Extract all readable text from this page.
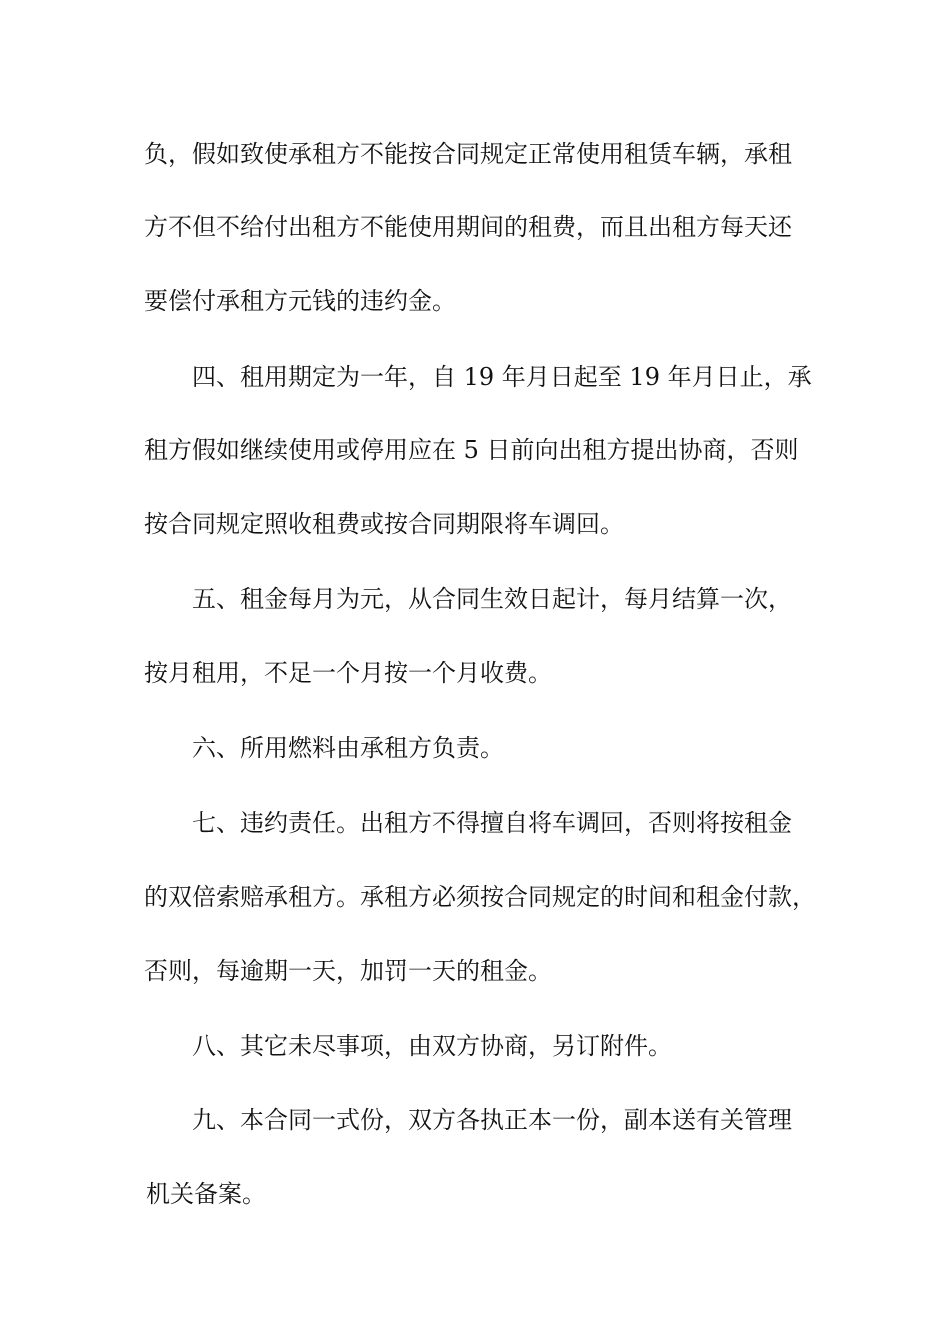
负，假如致使承租方不能按合同规定正常使用租赁车辆，承租
方不但不给付出租方不能使用期间的租费，而且出租方每天还
要偿付承租方元钱的违约金。
四、租用期定为一年，自 19 年月日起至 19 年月日止，承
租方假如继续使用或停用应在 5 日前向出租方提出协商，否则
按合同规定照收租费或按合同期限将车调回。
五、租金每月为元，从合同生效日起计，每月结算一次，
按月租用，不足一个月按一个月收费。
六、所用燃料由承租方负责。
七、违约责任。出租方不得擅自将车调回，否则将按租金
的双倍索赔承租方。承租方必须按合同规定的时间和租金付款，
否则，每逾期一天，加罚一天的租金。
八、其它未尽事项，由双方协商，另订附件。
九、本合同一式份，双方各执正本一份，副本送有关管理
机关备案。
